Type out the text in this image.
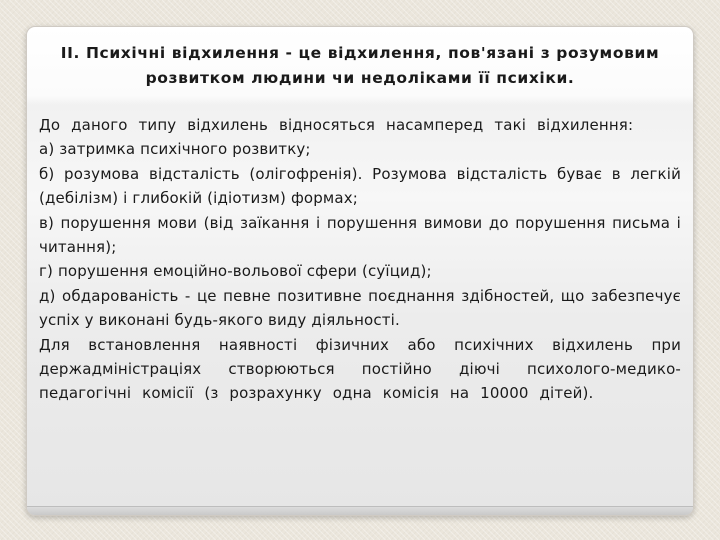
II. Психічні відхилення - це відхилення, пов'язані з розумовим розвитком людини чи недоліками її психіки.

До даного типу відхилень відносяться насамперед такі відхилення:

а) затримка психічного розвитку;
б) розумова відсталість (олігофренія). Розумова відсталість буває в легкій (дебілізм) і глибокій (ідіотизм) формах;
в) порушення мови (від заїкання і порушення вимови до порушення письма і читання);
г) порушення емоційно-вольової сфери (суїцид);
д) обдарованість - це певне позитивне поєднання здібностей, що забезпечує успіх у виконані будь-якого виду діяльності.

Для встановлення наявності фізичних або психічних відхилень при держадміністраціях створюються постійно діючі психолого-медико-педагогічні комісії (з розрахунку одна комісія на 10000 дітей).
